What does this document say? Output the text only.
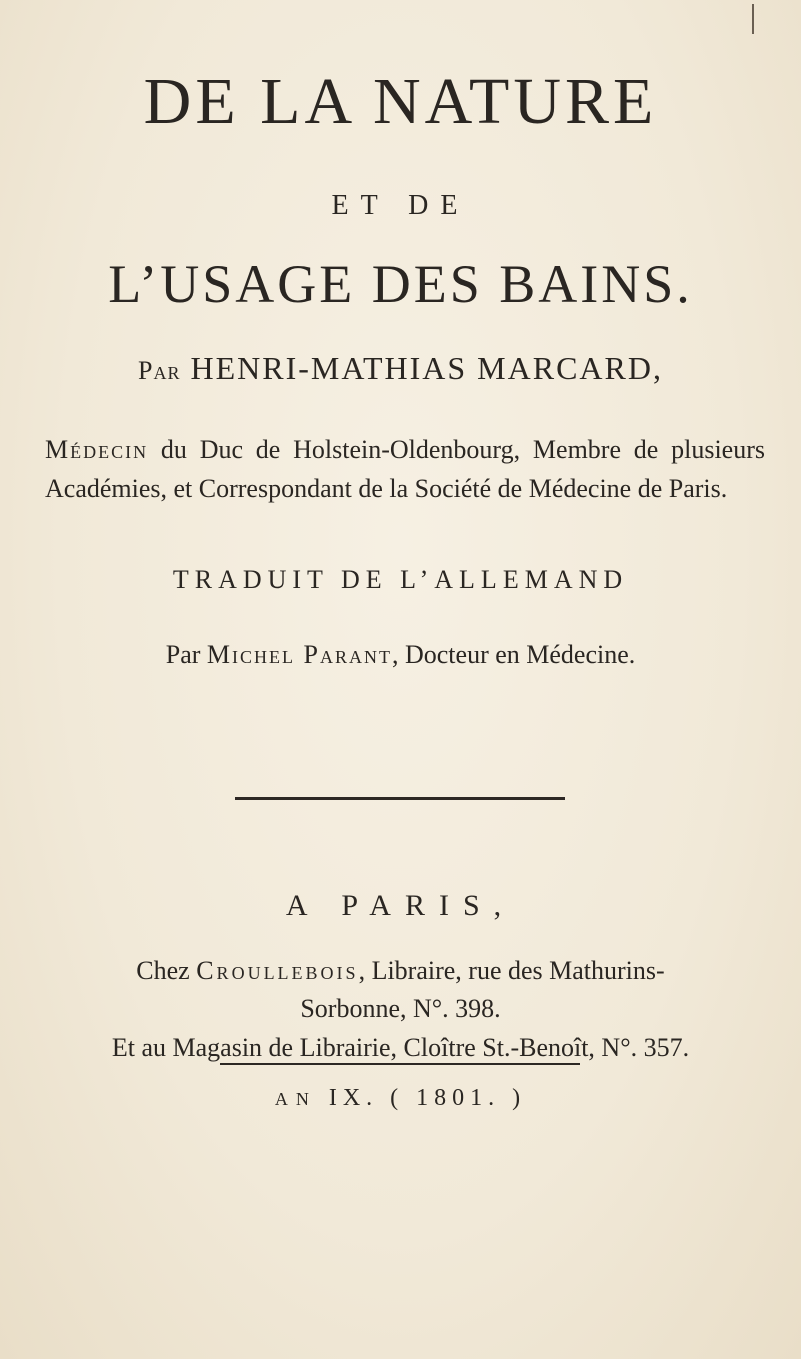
DE LA NATURE
ET DE
L’USAGE DES BAINS.
Par HENRI-MATHIAS MARCARD,
Médecin du Duc de Holstein-Oldenbourg, Membre de plusieurs Académies, et Correspondant de la Société de Médecine de Paris.
TRADUIT DE L’ALLEMAND
Par Michel Parant, Docteur en Médecine.
A PARIS,
Chez Croullebois, Libraire, rue des Mathurins-
Sorbonne, N°. 398.
Et au Magasin de Librairie, Cloître St.-Benoît, N°. 357.
AN IX. ( 1801. )
